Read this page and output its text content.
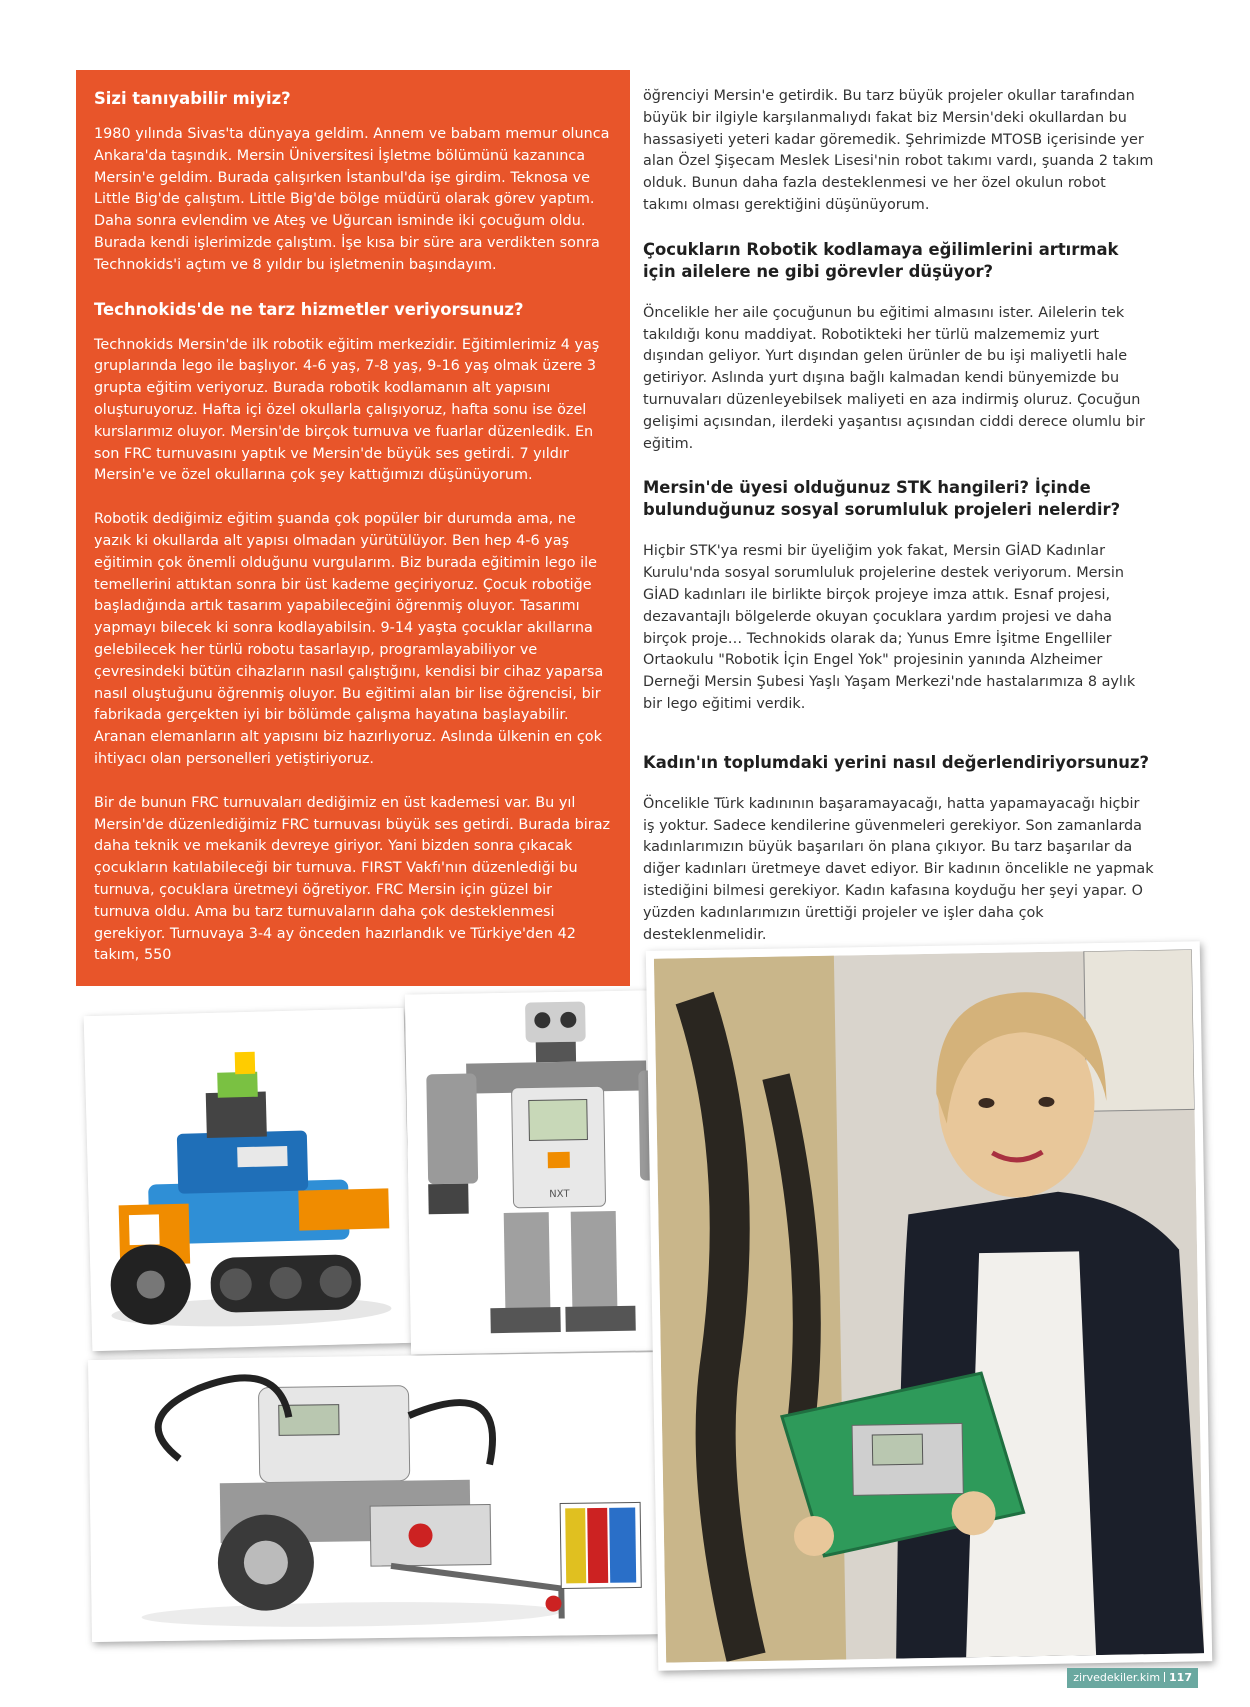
Sizi tanıyabilir miyiz?

1980 yılında Sivas'ta dünyaya geldim. Annem ve babam memur olunca Ankara'da taşındık. Mersin Üniversitesi İşletme bölümünü kazanınca Mersin'e geldim. Burada çalışırken İstanbul'da işe girdim. Teknosa ve Little Big'de çalıştım. Little Big'de bölge müdürü olarak görev yaptım. Daha sonra evlendim ve Ateş ve Uğurcan isminde iki çocuğum oldu. Burada kendi işlerimizde çalıştım. İşe kısa bir süre ara verdikten sonra Technokids'i açtım ve 8 yıldır bu işletmenin başındayım.

Technokids'de ne tarz hizmetler veriyorsunuz?

Technokids Mersin'de ilk robotik eğitim merkezidir. Eğitimlerimiz 4 yaş gruplarında lego ile başlıyor. 4-6 yaş, 7-8 yaş, 9-16 yaş olmak üzere 3 grupta eğitim veriyoruz. Burada robotik kodlamanın alt yapısını oluşturuyoruz. Hafta içi özel okullarla çalışıyoruz, hafta sonu ise özel kurslarımız oluyor. Mersin'de birçok turnuva ve fuarlar düzenledik. En son FRC turnuvasını yaptık ve Mersin'de büyük ses getirdi. 7 yıldır Mersin'e ve özel okullarına çok şey kattığımızı düşünüyorum.

Robotik dediğimiz eğitim şuanda çok popüler bir durumda ama, ne yazık ki okullarda alt yapısı olmadan yürütülüyor. Ben hep 4-6 yaş eğitimin çok önemli olduğunu vurgularım. Biz burada eğitimin lego ile temellerini attıktan sonra bir üst kademe geçiriyoruz. Çocuk robotiğe başladığında artık tasarım yapabileceğini öğrenmiş oluyor. Tasarımı yapmayı bilecek ki sonra kodlayabilsin. 9-14 yaşta çocuklar akıllarına gelebilecek her türlü robotu tasarlayıp, programlayabiliyor ve çevresindeki bütün cihazların nasıl çalıştığını, kendisi bir cihaz yaparsa nasıl oluştuğunu öğrenmiş oluyor. Bu eğitimi alan bir lise öğrencisi, bir fabrikada gerçekten iyi bir bölümde çalışma hayatına başlayabilir. Aranan elemanların alt yapısını biz hazırlıyoruz. Aslında ülkenin en çok ihtiyacı olan personelleri yetiştiriyoruz.

Bir de bunun FRC turnuvaları dediğimiz en üst kademesi var. Bu yıl Mersin'de düzenlediğimiz FRC turnuvası büyük ses getirdi. Burada biraz daha teknik ve mekanik devreye giriyor. Yani bizden sonra çıkacak çocukların katılabileceği bir turnuva. FIRST Vakfı'nın düzenlediği bu turnuva, çocuklara üretmeyi öğretiyor. FRC Mersin için güzel bir turnuva oldu. Ama bu tarz turnuvaların daha çok desteklenmesi gerekiyor. Turnuvaya 3-4 ay önceden hazırlandık ve Türkiye'den 42 takım, 550

öğrenciyi Mersin'e getirdik. Bu tarz büyük projeler okullar tarafından büyük bir ilgiyle karşılanmalıydı fakat biz Mersin'deki okullardan bu hassasiyeti yeteri kadar göremedik. Şehrimizde MTOSB içerisinde yer alan Özel Şişecam Meslek Lisesi'nin robot takımı vardı, şuanda 2 takım olduk. Bunun daha fazla desteklenmesi ve her özel okulun robot takımı olması gerektiğini düşünüyorum.

Çocukların Robotik kodlamaya eğilimlerini artırmak için ailelere ne gibi görevler düşüyor?

Öncelikle her aile çocuğunun bu eğitimi almasını ister. Ailelerin tek takıldığı konu maddiyat. Robotikteki her türlü malzememiz yurt dışından geliyor. Yurt dışından gelen ürünler de bu işi maliyetli hale getiriyor. Aslında yurt dışına bağlı kalmadan kendi bünyemizde bu turnuvaları düzenleyebilsek maliyeti en aza indirmiş oluruz. Çocuğun gelişimi açısından, ilerdeki yaşantısı açısından ciddi derece olumlu bir eğitim.

Mersin'de üyesi olduğunuz STK hangileri? İçinde bulunduğunuz sosyal sorumluluk projeleri nelerdir?

Hiçbir STK'ya resmi bir üyeliğim yok fakat, Mersin GİAD Kadınlar Kurulu'nda sosyal sorumluluk projelerine destek veriyorum. Mersin GİAD kadınları ile birlikte birçok projeye imza attık. Esnaf projesi, dezavantajlı bölgelerde okuyan çocuklara yardım projesi ve daha birçok proje… Technokids olarak da; Yunus Emre İşitme Engelliler Ortaokulu "Robotik İçin Engel Yok" projesinin yanında Alzheimer Derneği Mersin Şubesi Yaşlı Yaşam Merkezi'nde hastalarımıza 8 aylık bir lego eğitimi verdik.

Kadın'ın toplumdaki yerini nasıl değerlendiriyorsunuz?

Öncelikle Türk kadınının başaramayacağı, hatta yapamayacağı hiçbir iş yoktur. Sadece kendilerine güvenmeleri gerekiyor. Son zamanlarda kadınlarımızın büyük başarıları ön plana çıkıyor. Bu tarz başarılar da diğer kadınları üretmeye davet ediyor. Bir kadının öncelikle ne yapmak istediğini bilmesi gerekiyor. Kadın kafasına koyduğu her şeyi yapar. O yüzden kadınlarımızın ürettiği projeler ve işler daha çok desteklenmelidir.

NXT
zirvedekiler.kim 117
